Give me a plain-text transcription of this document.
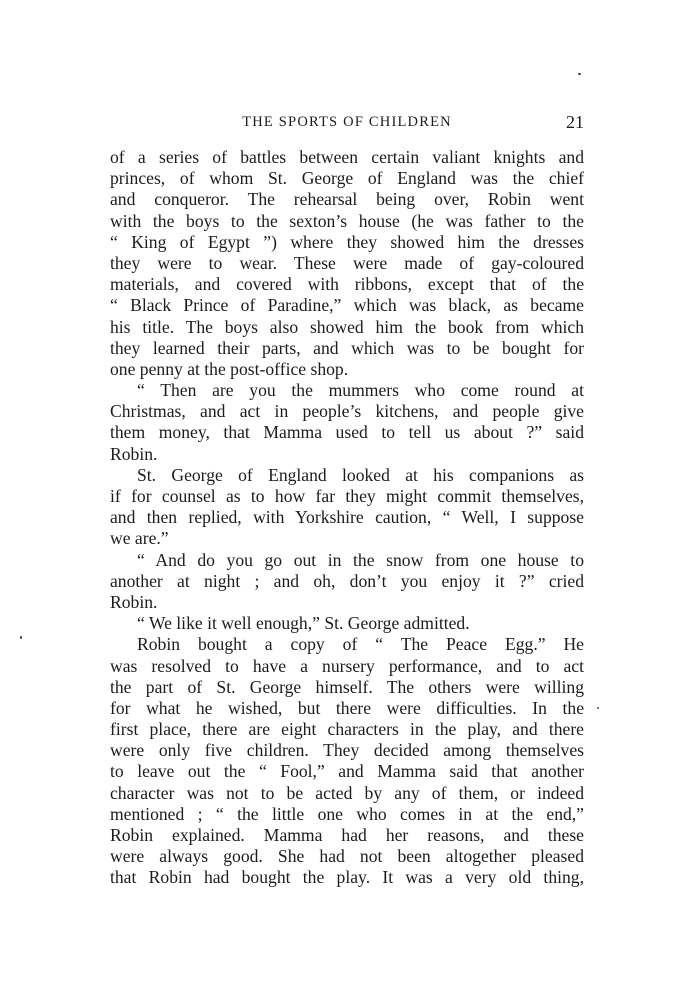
THE SPORTS OF CHILDREN	21
of a series of battles between certain valiant knights and
princes, of whom St. George of England was the chief
and conqueror. The rehearsal being over, Robin went
with the boys to the sexton’s house (he was father to the
“ King of Egypt ”) where they showed him the dresses
they were to wear. These were made of gay-coloured
materials, and covered with ribbons, except that of the
“ Black Prince of Paradine,” which was black, as became
his title. The boys also showed him the book from which
they learned their parts, and which was to be bought for
one penny at the post-office shop.
“ Then are you the mummers who come round at
Christmas, and act in people’s kitchens, and people give
them money, that Mamma used to tell us about ?” said
Robin.
St. George of England looked at his companions as
if for counsel as to how far they might commit themselves,
and then replied, with Yorkshire caution, “ Well, I suppose
we are.”
“ And do you go out in the snow from one house to
another at night ; and oh, don’t you enjoy it ?” cried
Robin.
“ We like it well enough,” St. George admitted.
Robin bought a copy of “ The Peace Egg.” He
was resolved to have a nursery performance, and to act
the part of St. George himself. The others were willing
for what he wished, but there were difficulties. In the
first place, there are eight characters in the play, and there
were only five children. They decided among themselves
to leave out the “ Fool,” and Mamma said that another
character was not to be acted by any of them, or indeed
mentioned ; “ the little one who comes in at the end,”
Robin explained. Mamma had her reasons, and these
were always good. She had not been altogether pleased
that Robin had bought the play. It was a very old thing,
